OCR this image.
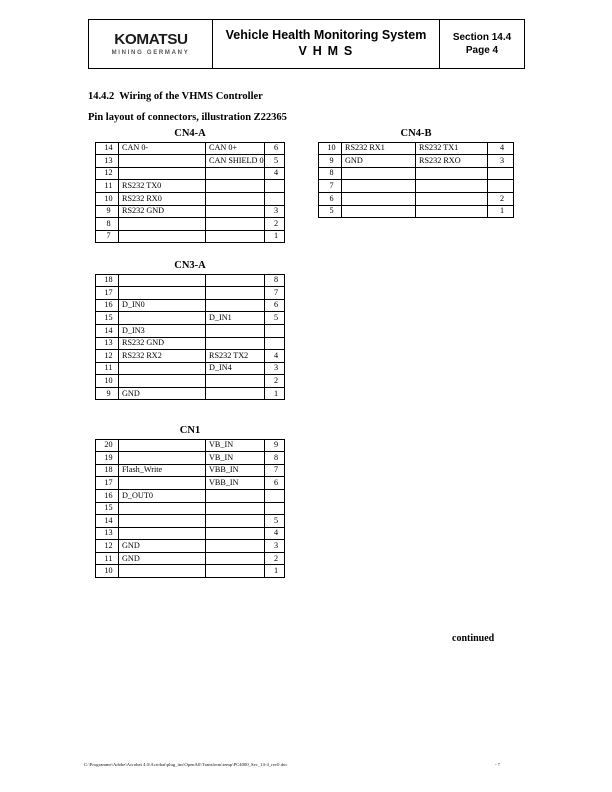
KOMATSU
MINING GERMANY
Vehicle Health Monitoring System
V H M S
Section 14.4
Page 4
14.4.2  Wiring of the VHMS Controller
Pin layout of connectors, illustration Z22365
CN4-A
14	CAN 0-	CAN 0+	6
13		CAN SHIELD 0	5
12			4
11	RS232 TX0		
10	RS232 RX0		
9	RS232 GND		3
8			2
7			1
CN4-B
10	RS232 RX1	RS232 TX1	4
9	GND	RS232 RXO	3
8			
7			
6			2
5			1
CN3-A
18			8
17			7
16	D_IN0		6
15		D_IN1	5
14	D_IN3		
13	RS232 GND		
12	RS232 RX2	RS232 TX2	4
11		D_IN4	3
10			2
9	GND		1
CN1
20		VB_IN	9
19		VB_IN	8
18	Flash_Write	VBB_IN	7
17		VBB_IN	6
16	D_OUT0		
15			
14			5
13			4
12	GND		3
11	GND		2
10			1
continued
C:\Programme\Adobe\Acrobat 4.0\Acrobat\plug_ins\OpenAll\Transform\temp\PC4000_Sec_14-4_rev0.doc	- 7
